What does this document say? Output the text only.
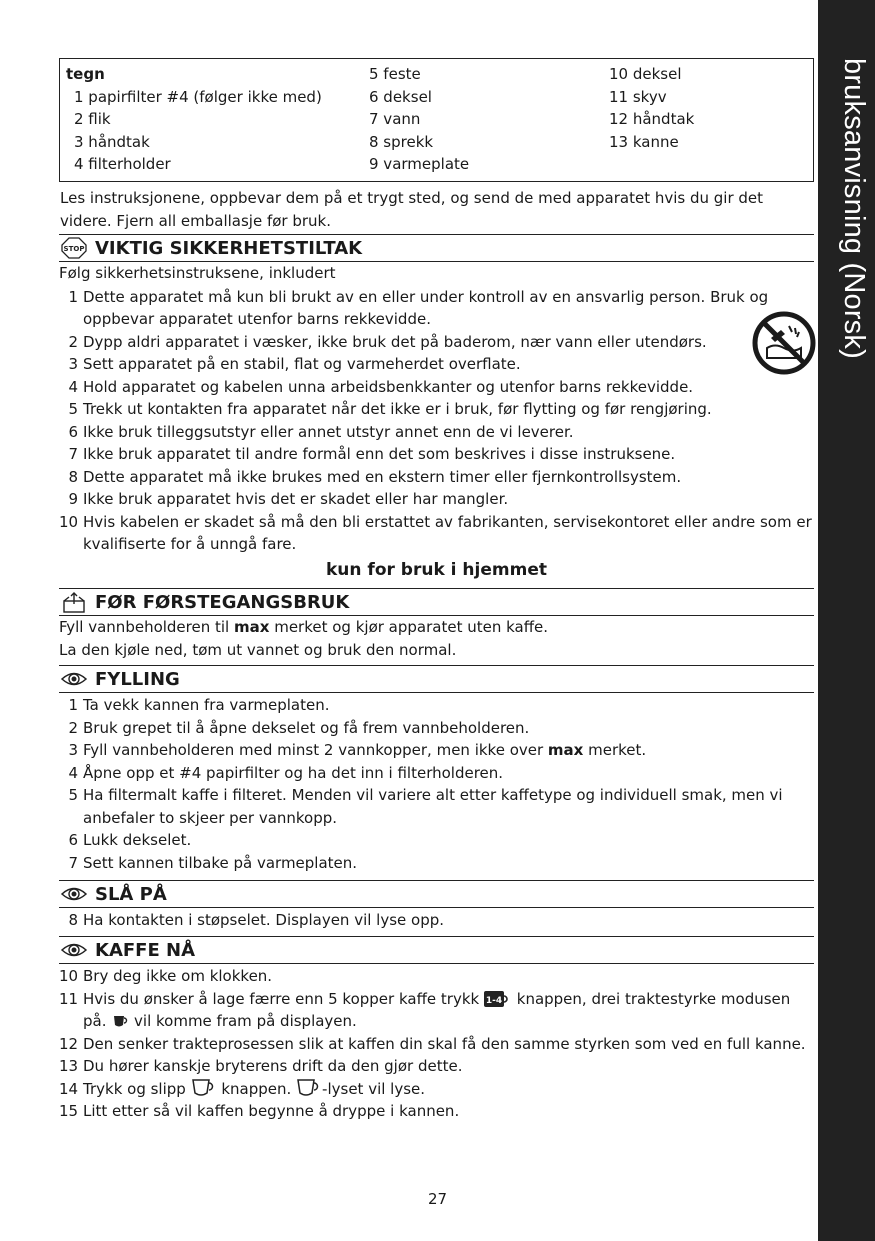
bruksanvisning (Norsk)
tegn
1 papirfilter #4 (følger ikke med)
2 flik
3 håndtak
4 filterholder
5 feste
6 deksel
7 vann
8 sprekk
9 varmeplate
10 deksel
11 skyv
12 håndtak
13 kanne
Les instruksjonene, oppbevar dem på et trygt sted, og send de med apparatet hvis du gir det videre. Fjern all emballasje før bruk.
STOP VIKTIG SIKKERHETSTILTAK
Følg sikkerhetsinstruksene, inkludert
1 Dette apparatet må kun bli brukt av en eller under kontroll av en ansvarlig person. Bruk og oppbevar apparatet utenfor barns rekkevidde.
2 Dypp aldri apparatet i væsker, ikke bruk det på baderom, nær vann eller utendørs.
3 Sett apparatet på en stabil, flat og varmeherdet overflate.
4 Hold apparatet og kabelen unna arbeidsbenkkanter og utenfor barns rekkevidde.
5 Trekk ut kontakten fra apparatet når det ikke er i bruk, før flytting og før rengjøring.
6 Ikke bruk tilleggsutstyr eller annet utstyr annet enn de vi leverer.
7 Ikke bruk apparatet til andre formål enn det som beskrives i disse instruksene.
8 Dette apparatet må ikke brukes med en ekstern timer eller fjernkontrollsystem.
9 Ikke bruk apparatet hvis det er skadet eller har mangler.
10 Hvis kabelen er skadet så må den bli erstattet av fabrikanten, servisekontoret eller andre som er kvalifiserte for å unngå fare.
kun for bruk i hjemmet
FØR FØRSTEGANGSBRUK
Fyll vannbeholderen til max merket og kjør apparatet uten kaffe.
La den kjøle ned, tøm ut vannet og bruk den normal.
FYLLING
1 Ta vekk kannen fra varmeplaten.
2 Bruk grepet til å åpne dekselet og få frem vannbeholderen.
3 Fyll vannbeholderen med minst 2 vannkopper, men ikke over max merket.
4 Åpne opp et #4 papirfilter og ha det inn i filterholderen.
5 Ha filtermalt kaffe i filteret. Menden vil variere alt etter kaffetype og individuell smak, men vi anbefaler to skjeer per vannkopp.
6 Lukk dekselet.
7 Sett kannen tilbake på varmeplaten.
SLÅ PÅ
8 Ha kontakten i støpselet. Displayen vil lyse opp.
KAFFE NÅ
10 Bry deg ikke om klokken.
11 Hvis du ønsker å lage færre enn 5 kopper kaffe trykk 1-4 knappen, drei traktestyrke modusen på.  vil komme fram på displayen.
12 Den senker trakteprosessen slik at kaffen din skal få den samme styrken som ved en full kanne.
13 Du hører kanskje bryterens drift da den gjør dette.
14 Trykk og slipp  knappen. -lyset vil lyse.
15 Litt etter så vil kaffen begynne å dryppe i kannen.
27
